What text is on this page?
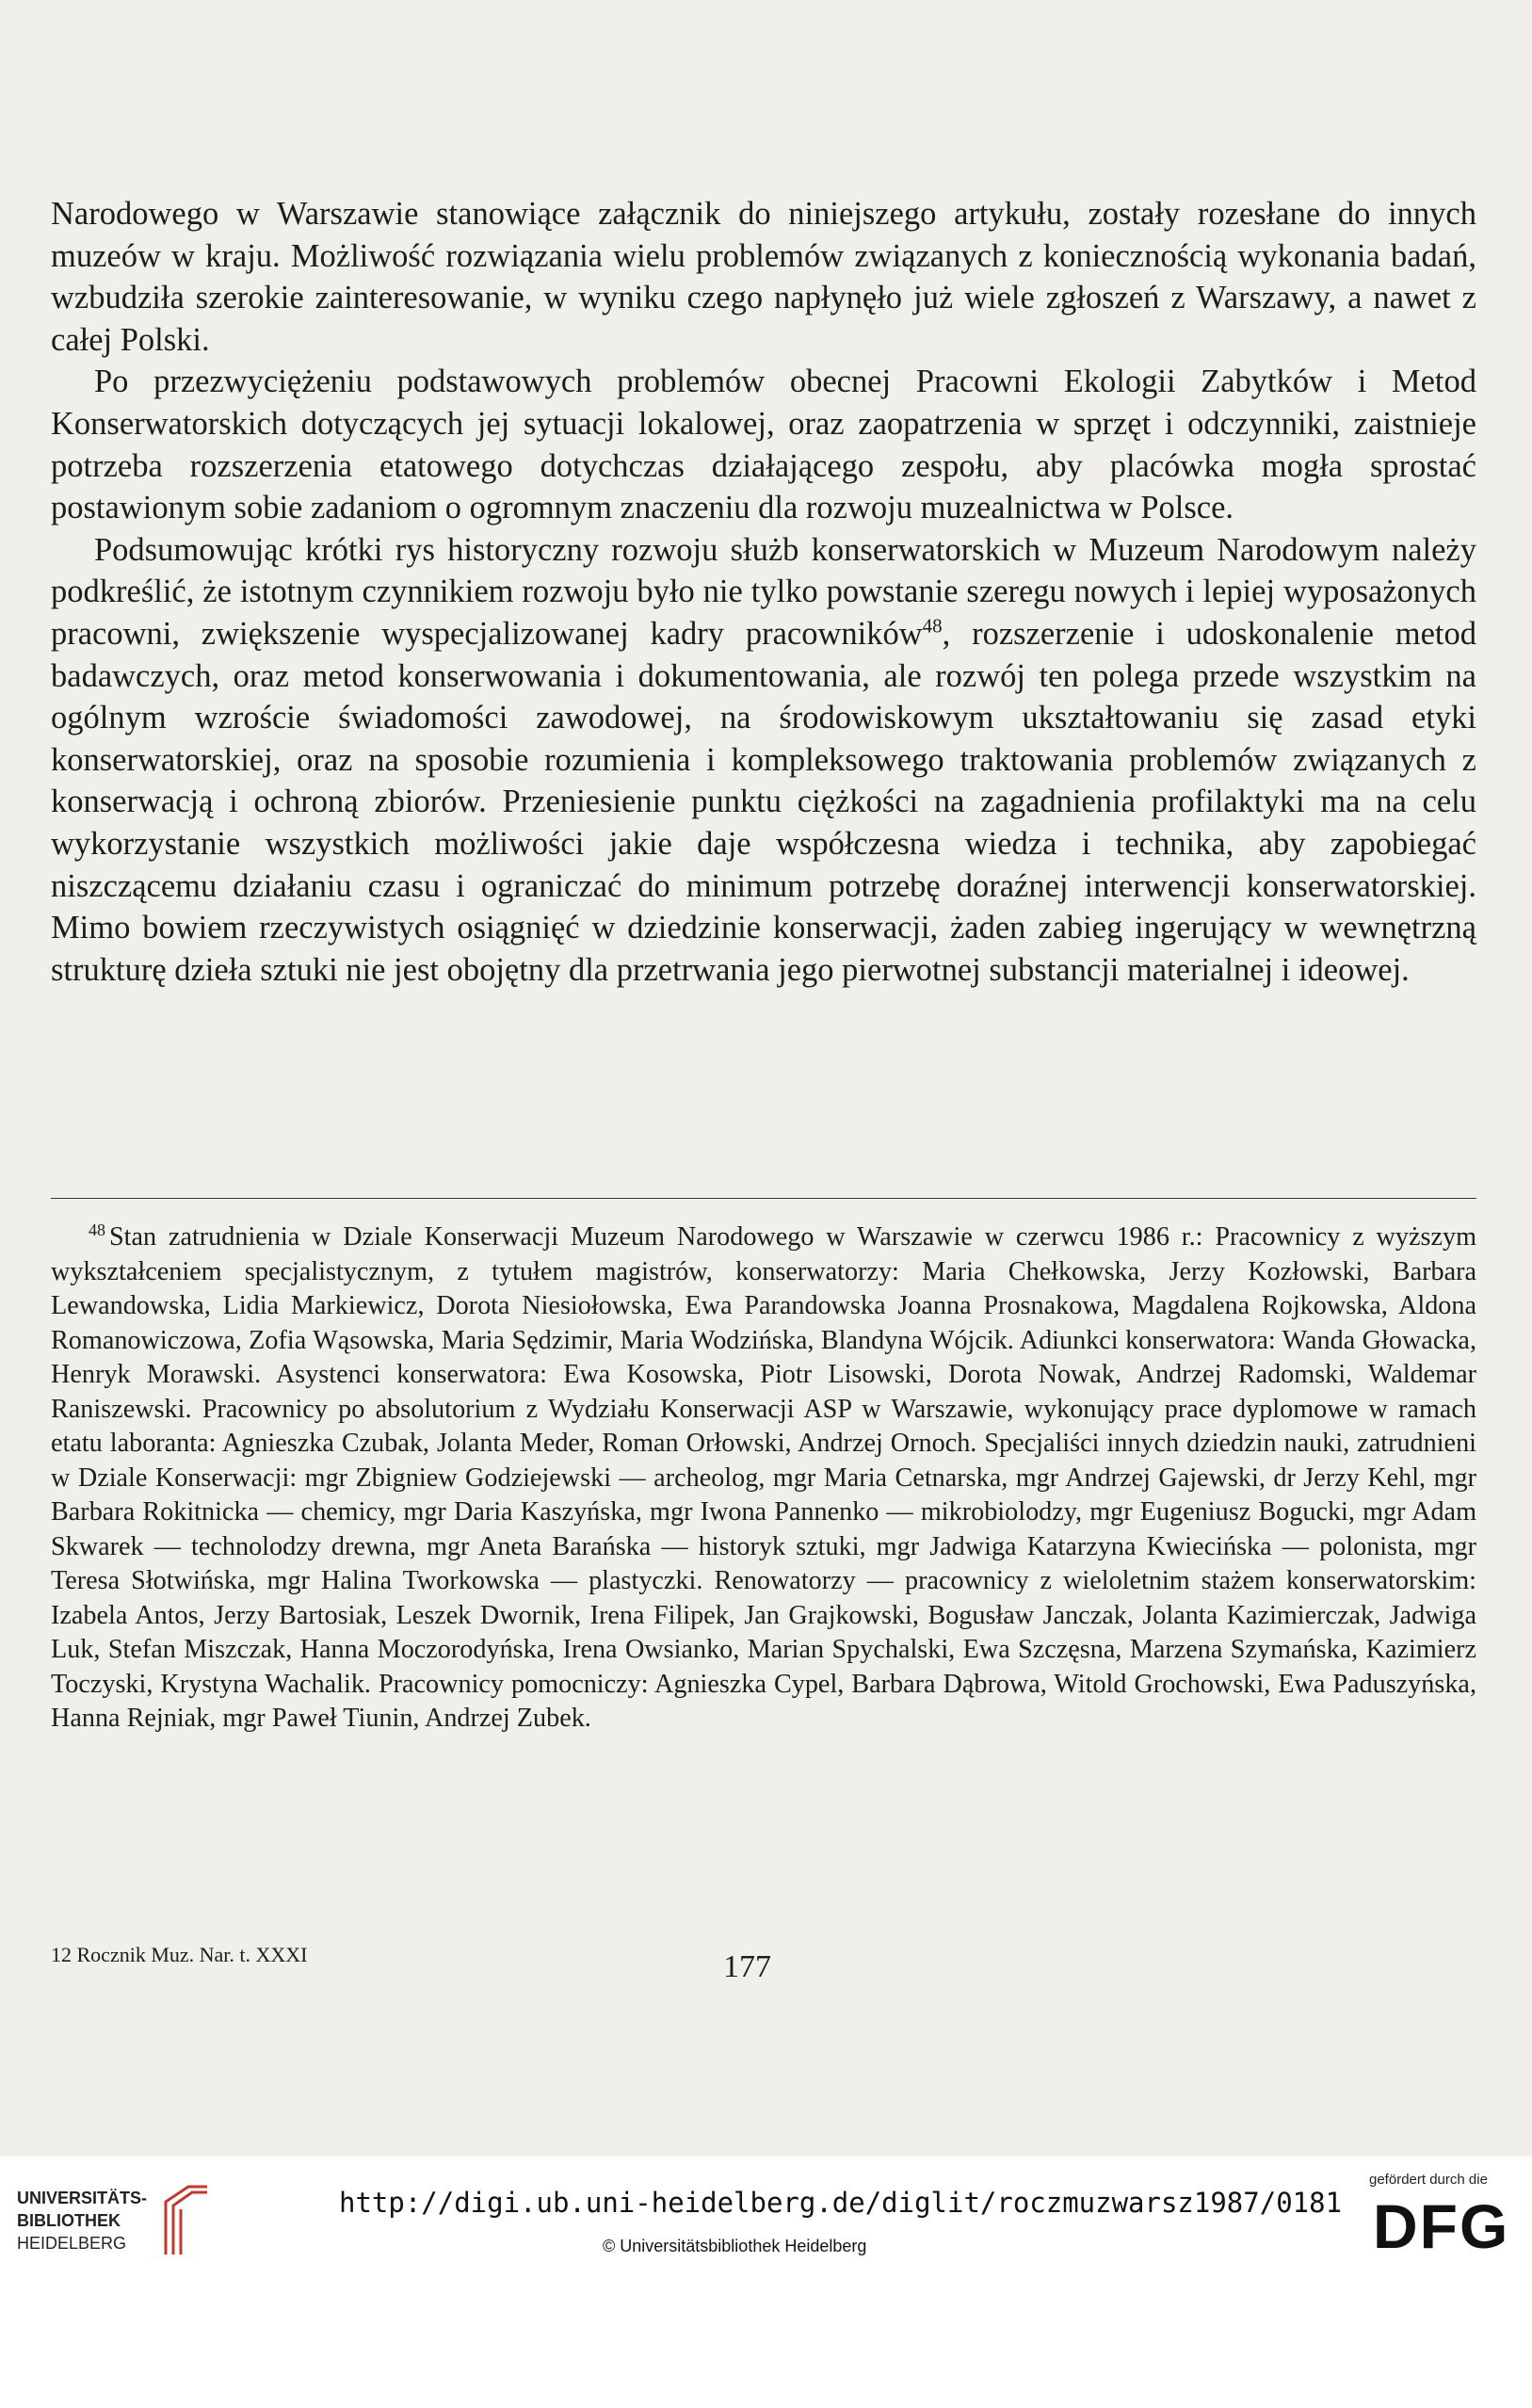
Narodowego w Warszawie stanowiące załącznik do niniejszego artykułu, zostały rozesłane do innych muzeów w kraju. Możliwość rozwiązania wielu problemów związanych z koniecznością wykonania badań, wzbudziła szerokie zainteresowanie, w wyniku czego napłynęło już wiele zgłoszeń z Warszawy, a nawet z całej Polski.

Po przezwyciężeniu podstawowych problemów obecnej Pracowni Ekologii Zabytków i Metod Konserwatorskich dotyczących jej sytuacji lokalowej, oraz zaopatrzenia w sprzęt i odczynniki, zaistnieje potrzeba rozszerzenia etatowego dotychczas działającego zespołu, aby placówka mogła sprostać postawionym sobie zadaniom o ogromnym znaczeniu dla rozwoju muzealnictwa w Polsce.

Podsumowując krótki rys historyczny rozwoju służb konserwatorskich w Muzeum Narodowym należy podkreślić, że istotnym czynnikiem rozwoju było nie tylko powstanie szeregu nowych i lepiej wyposażonych pracowni, zwiększenie wyspecjalizowanej kadry pracowników$^{48}$, rozszerzenie i udoskonalenie metod badawczych, oraz metod konserwowania i dokumentowania, ale rozwój ten polega przede wszystkim na ogólnym wzroście świadomości zawodowej, na środowiskowym ukształtowaniu się zasad etyki konserwatorskiej, oraz na sposobie rozumienia i kompleksowego traktowania problemów związanych z konserwacją i ochroną zbiorów. Przeniesienie punktu ciężkości na zagadnienia profilaktyki ma na celu wykorzystanie wszystkich możliwości jakie daje współczesna wiedza i technika, aby zapobiegać niszczącemu działaniu czasu i ograniczać do minimum potrzebę doraźnej interwencji konserwatorskiej. Mimo bowiem rzeczywistych osiągnięć w dziedzinie konserwacji, żaden zabieg ingerujący w wewnętrzną strukturę dzieła sztuki nie jest obojętny dla przetrwania jego pierwotnej substancji materialnej i ideowej.

$^{48}$ Stan zatrudnienia w Dziale Konserwacji Muzeum Narodowego w Warszawie w czerwcu 1986 r.: Pracownicy z wyższym wykształceniem specjalistycznym, z tytułem magistrów, konserwatorzy: Maria Chełkowska, Jerzy Kozłowski, Barbara Lewandowska, Lidia Markiewicz, Dorota Niesiołowska, Ewa Parandowska Joanna Prosnakowa, Magdalena Rojkowska, Aldona Romanowiczowa, Zofia Wąsowska, Maria Sędzimir, Maria Wodzińska, Blandyna Wójcik. Adiunkci konserwatora: Wanda Głowacka, Henryk Morawski. Asystenci konserwatora: Ewa Kosowska, Piotr Lisowski, Dorota Nowak, Andrzej Radomski, Waldemar Raniszewski. Pracownicy po absolutorium z Wydziału Konserwacji ASP w Warszawie, wykonujący prace dyplomowe w ramach etatu laboranta: Agnieszka Czubak, Jolanta Meder, Roman Orłowski, Andrzej Ornoch. Specjaliści innych dziedzin nauki, zatrudnieni w Dziale Konserwacji: mgr Zbigniew Godziejewski — archeolog, mgr Maria Cetnarska, mgr Andrzej Gajewski, dr Jerzy Kehl, mgr Barbara Rokitnicka — chemicy, mgr Daria Kaszyńska, mgr Iwona Pannenko — mikrobiolodzy, mgr Eugeniusz Bogucki, mgr Adam Skwarek — technolodzy drewna, mgr Aneta Barańska — historyk sztuki, mgr Jadwiga Katarzyna Kwiecińska — polonista, mgr Teresa Słotwińska, mgr Halina Tworkowska — plastyczki. Renowatorzy — pracownicy z wieloletnim stażem konserwatorskim: Izabela Antos, Jerzy Bartosiak, Leszek Dwornik, Irena Filipek, Jan Grajkowski, Bogusław Janczak, Jolanta Kazimierczak, Jadwiga Luk, Stefan Miszczak, Hanna Moczorodyńska, Irena Owsianko, Marian Spychalski, Ewa Szczęsna, Marzena Szymańska, Kazimierz Toczyski, Krystyna Wachalik. Pracownicy pomocniczy: Agnieszka Cypel, Barbara Dąbrowa, Witold Grochowski, Ewa Paduszyńska, Hanna Rejniak, mgr Paweł Tiunin, Andrzej Zubek.
12 Rocznik Muz. Nar. t. XXXI	177
UNIVERSITÄTS-
BIBLIOTHEK
HEIDELBERG
http://digi.ub.uni-heidelberg.de/diglit/roczmuzwarsz1987/0181
© Universitätsbibliothek Heidelberg
gefördert durch die
DFG
